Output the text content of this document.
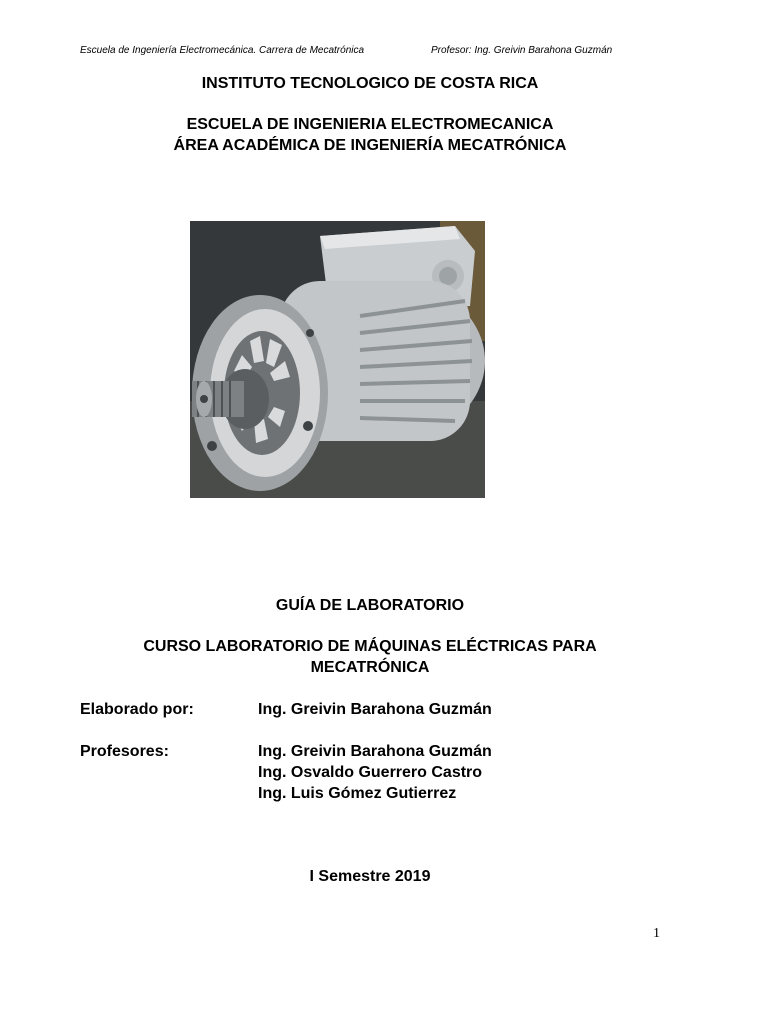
Escuela de Ingeniería Electromecánica. Carrera de Mecatrónica	Profesor: Ing. Greivin Barahona Guzmán
INSTITUTO TECNOLOGICO DE COSTA RICA
ESCUELA DE INGENIERIA ELECTROMECANICA
ÁREA ACADÉMICA DE INGENIERÍA MECATRÓNICA
GUÍA DE LABORATORIO
CURSO LABORATORIO DE MÁQUINAS ELÉCTRICAS PARA
MECATRÓNICA
Elaborado por:	Ing. Greivin Barahona Guzmán
Profesores:	Ing. Greivin Barahona Guzmán
Ing. Osvaldo Guerrero Castro
Ing. Luis Gómez Gutierrez
I Semestre 2019
1
